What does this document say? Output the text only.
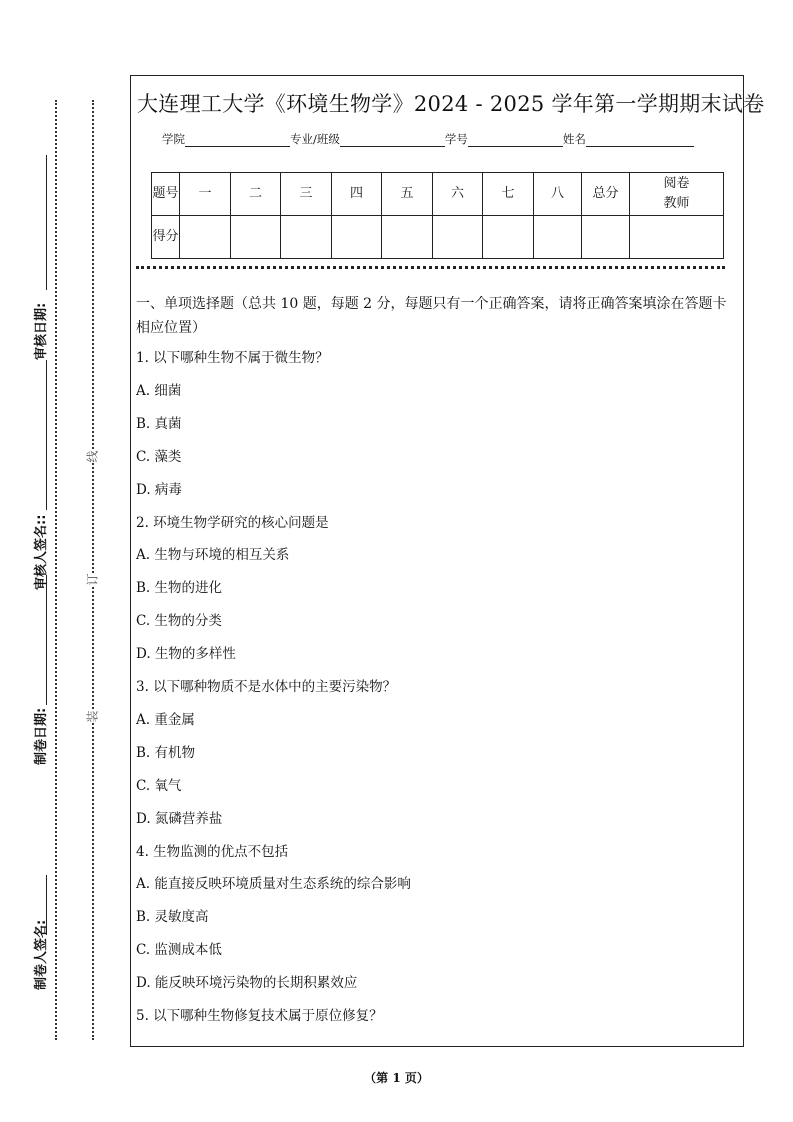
线
订
装
制卷人签名:
制卷日期:
审核人签名::
审核日期:
大连理工大学《环境生物学》2024 - 2025 学年第一学期期末试卷
学院	专业/班级	学号	姓名
题号	一	二	三	四	五	六	七	八	总分	阅卷教师
得分										
一、单项选择题（总共 10 题，每题 2 分，每题只有一个正确答案，请将正确答案填涂在答题卡相应位置）
1. 以下哪种生物不属于微生物？
A. 细菌
B. 真菌
C. 藻类
D. 病毒
2. 环境生物学研究的核心问题是
A. 生物与环境的相互关系
B. 生物的进化
C. 生物的分类
D. 生物的多样性
3. 以下哪种物质不是水体中的主要污染物？
A. 重金属
B. 有机物
C. 氧气
D. 氮磷营养盐
4. 生物监测的优点不包括
A. 能直接反映环境质量对生态系统的综合影响
B. 灵敏度高
C. 监测成本低
D. 能反映环境污染物的长期积累效应
5. 以下哪种生物修复技术属于原位修复？
（第 1 页）
